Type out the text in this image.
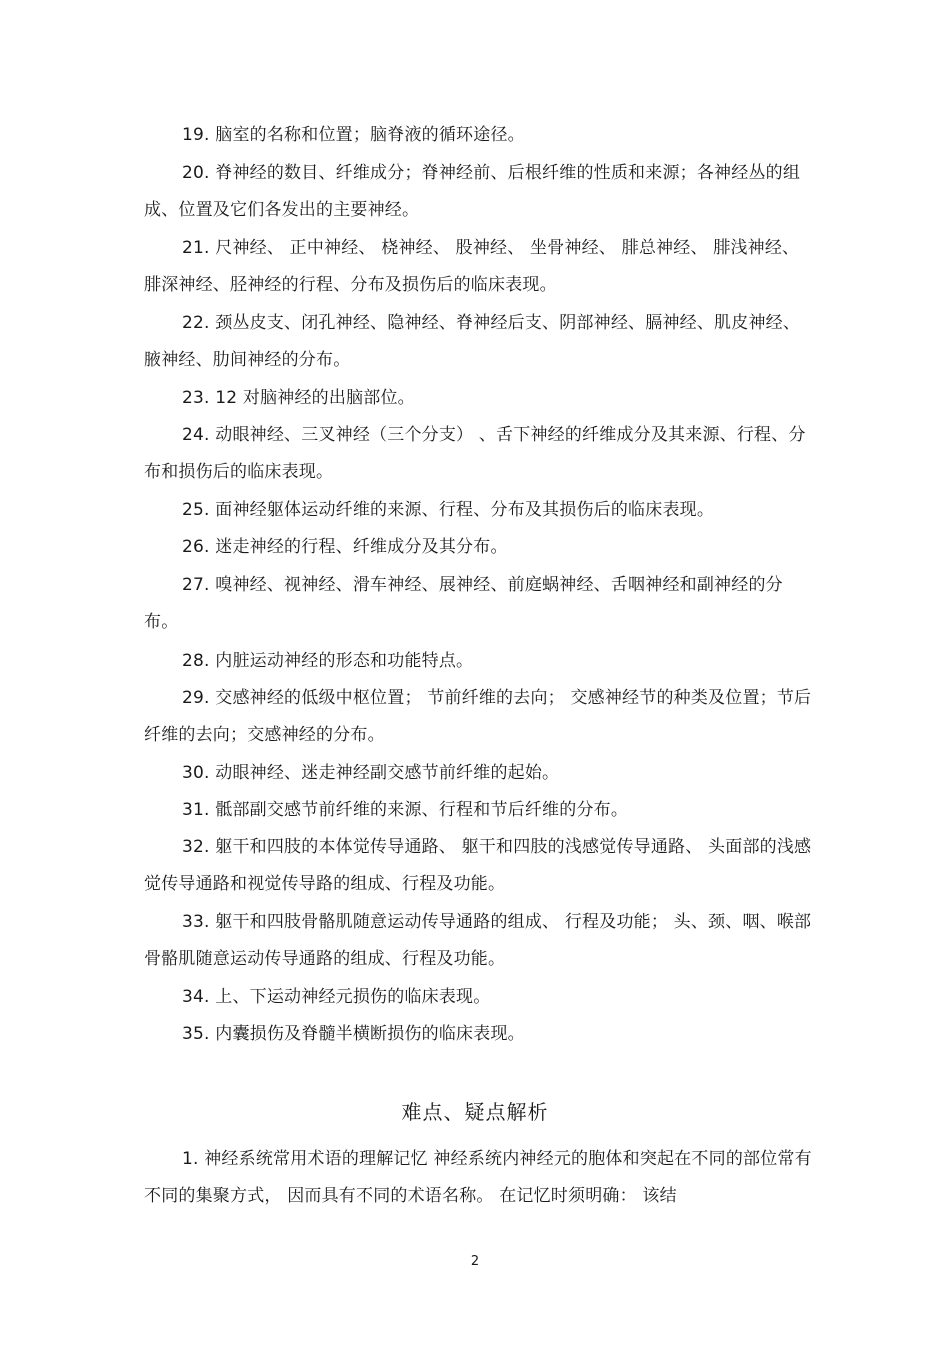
19. 脑室的名称和位置；脑脊液的循环途径。

20. 脊神经的数目、纤维成分；脊神经前、后根纤维的性质和来源；各神经丛的组成、位置及它们各发出的主要神经。

21. 尺神经、 正中神经、 桡神经、 股神经、 坐骨神经、 腓总神经、 腓浅神经、腓深神经、胫神经的行程、分布及损伤后的临床表现。

22. 颈丛皮支、闭孔神经、隐神经、脊神经后支、阴部神经、膈神经、肌皮神经、腋神经、肋间神经的分布。

23. 12 对脑神经的出脑部位。

24. 动眼神经、三叉神经（三个分支） 、舌下神经的纤维成分及其来源、行程、分布和损伤后的临床表现。

25. 面神经躯体运动纤维的来源、行程、分布及其损伤后的临床表现。

26. 迷走神经的行程、纤维成分及其分布。

27. 嗅神经、视神经、滑车神经、展神经、前庭蜗神经、舌咽神经和副神经的分布。

28. 内脏运动神经的形态和功能特点。

29. 交感神经的低级中枢位置； 节前纤维的去向； 交感神经节的种类及位置；节后纤维的去向；交感神经的分布。

30. 动眼神经、迷走神经副交感节前纤维的起始。

31. 骶部副交感节前纤维的来源、行程和节后纤维的分布。

32. 躯干和四肢的本体觉传导通路、 躯干和四肢的浅感觉传导通路、 头面部的浅感觉传导通路和视觉传导路的组成、行程及功能。

33. 躯干和四肢骨骼肌随意运动传导通路的组成、 行程及功能； 头、颈、咽、喉部骨骼肌随意运动传导通路的组成、行程及功能。

34. 上、下运动神经元损伤的临床表现。

35. 内囊损伤及脊髓半横断损伤的临床表现。

难点、疑点解析

1. 神经系统常用术语的理解记忆 神经系统内神经元的胞体和突起在不同的部位常有不同的集聚方式， 因而具有不同的术语名称。 在记忆时须明确： 该结

2
